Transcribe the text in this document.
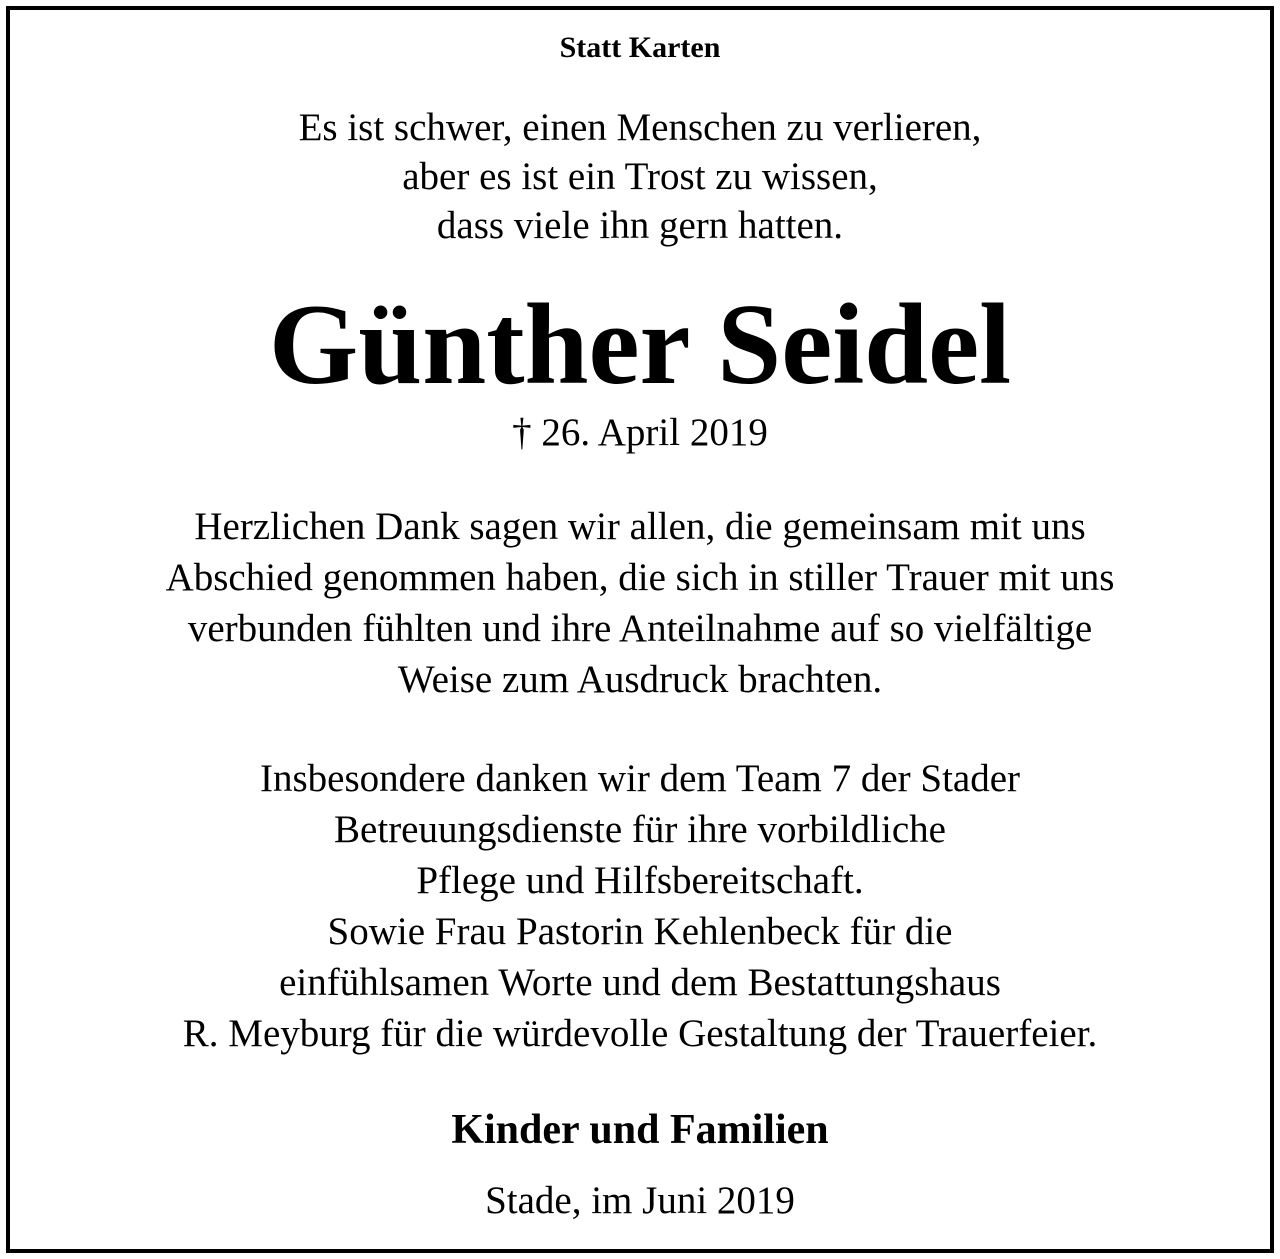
Statt Karten
Es ist schwer, einen Menschen zu verlieren,
aber es ist ein Trost zu wissen,
dass viele ihn gern hatten.
Günther Seidel
† 26. April 2019
Herzlichen Dank sagen wir allen, die gemeinsam mit uns
Abschied genommen haben, die sich in stiller Trauer mit uns
verbunden fühlten und ihre Anteilnahme auf so vielfältige
Weise zum Ausdruck brachten.
Insbesondere danken wir dem Team 7 der Stader
Betreuungsdienste für ihre vorbildliche
Pflege und Hilfsbereitschaft.
Sowie Frau Pastorin Kehlenbeck für die
einfühlsamen Worte und dem Bestattungshaus
R. Meyburg für die würdevolle Gestaltung der Trauerfeier.
Kinder und Familien
Stade, im Juni 2019
